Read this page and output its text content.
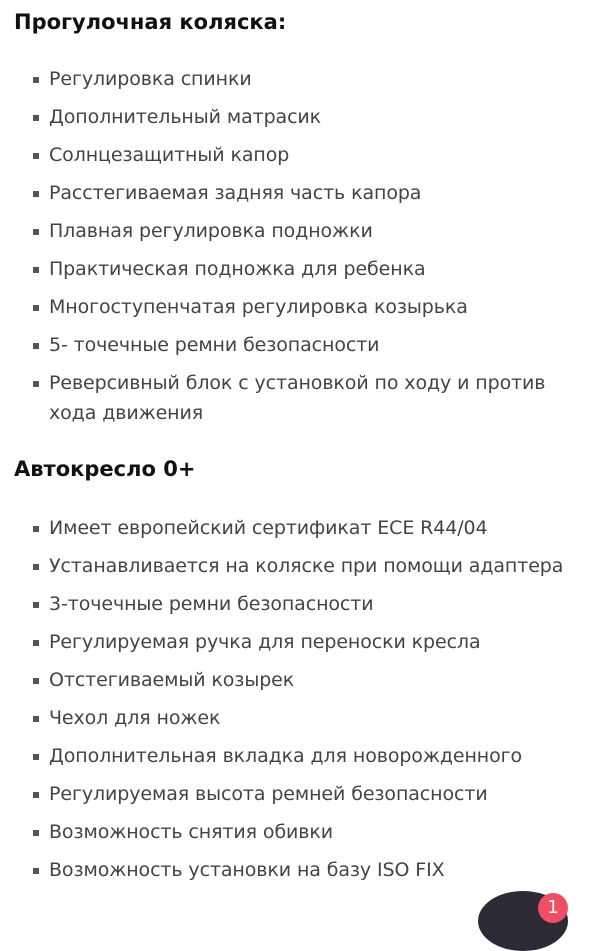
Прогулочная коляска:
Регулировка спинки
Дополнительный матрасик
Солнцезащитный капор
Расстегиваемая задняя часть капора
Плавная регулировка подножки
Практическая подножка для ребенка
Многоступенчатая регулировка козырька
5- точечные ремни безопасности
Реверсивный блок с установкой по ходу и против хода движения
Автокресло 0+
Имеет европейский сертификат ECE R44/04
Устанавливается на коляске при помощи адаптера
3-точечные ремни безопасности
Регулируемая ручка для переноски кресла
Отстегиваемый козырек
Чехол для ножек
Дополнительная вкладка для новорожденного
Регулируемая высота ремней безопасности
Возможность снятия обивки
Возможность установки на базу ISO FIX
1
